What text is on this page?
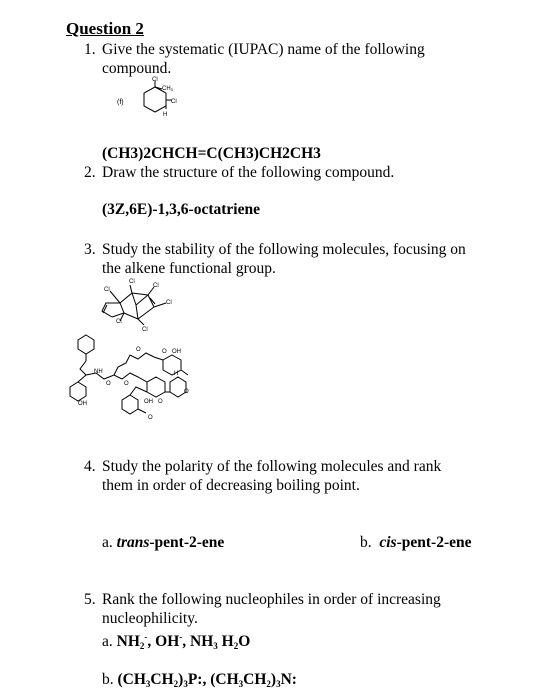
Question 2
1. Give the systematic (IUPAC) name of the following
compound.
(f)
Cl
CH3
Cl
H
(CH3)2CHCH=C(CH3)CH2CH3
2. Draw the structure of the following compound.
(3Z,6E)-1,3,6-octatriene
3. Study the stability of the following molecules, focusing on
the alkene functional group.
Cl
Cl
Cl
Cl
Cl
Cl
NH
O
OH
O
OH O
H
O OH
O
O
O
4. Study the polarity of the following molecules and rank
them in order of decreasing boiling point.
a. trans-pent-2-ene	b. cis-pent-2-ene
5. Rank the following nucleophiles in order of increasing
nucleophilicity.
a. $NH_2^-$, OH-, $NH_3$ $H_2O$
b. $(CH_3CH_2)_3P$:, $(CH_3CH_2)_3N$:
